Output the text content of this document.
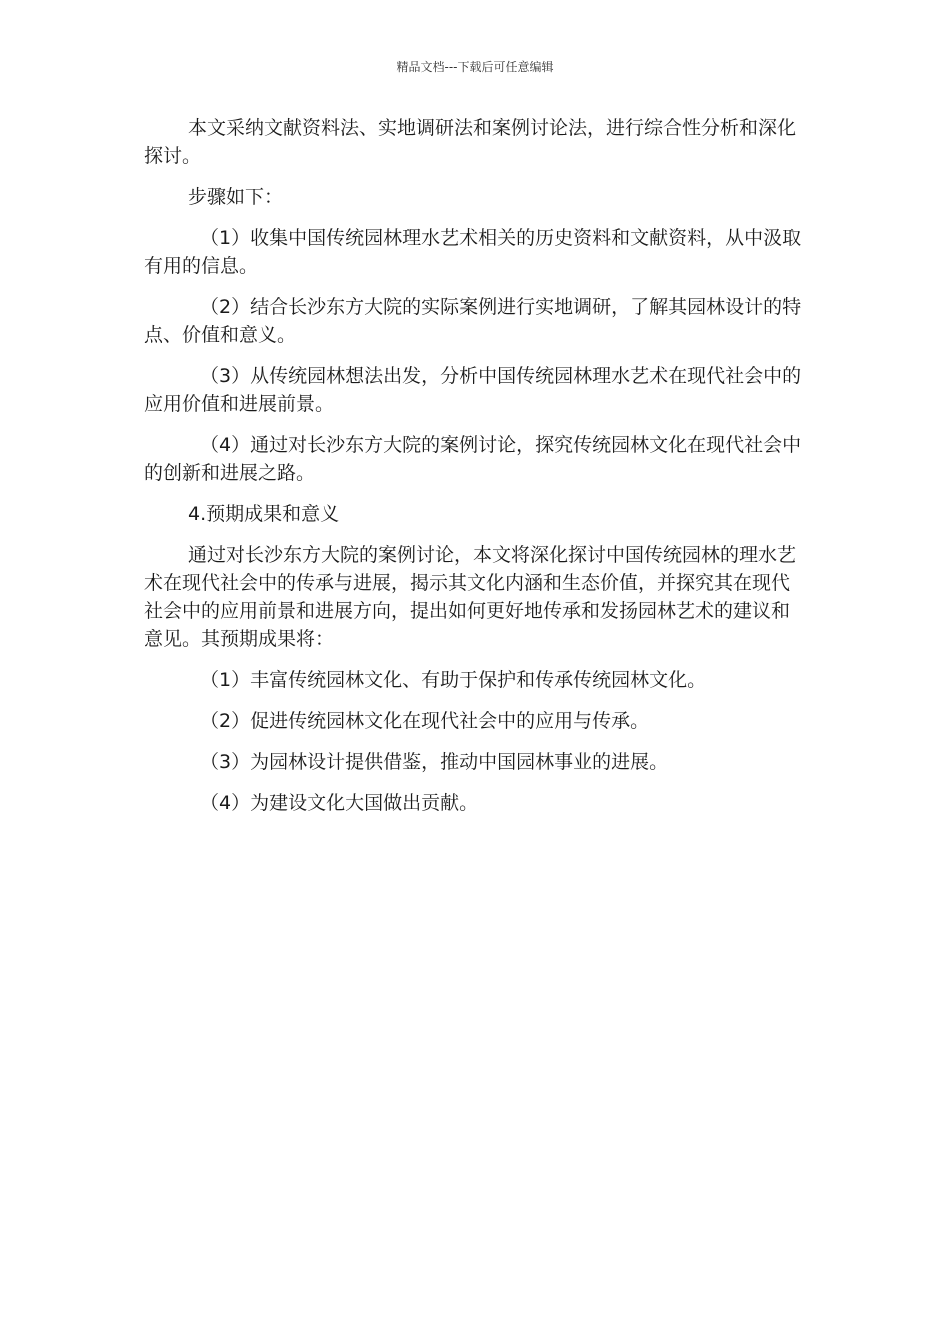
精品文档---下载后可任意编辑

本文采纳文献资料法、实地调研法和案例讨论法，进行综合性分析和深化探讨。

步骤如下：

（1）收集中国传统园林理水艺术相关的历史资料和文献资料，从中汲取有用的信息。

（2）结合长沙东方大院的实际案例进行实地调研，了解其园林设计的特点、价值和意义。

（3）从传统园林想法出发，分析中国传统园林理水艺术在现代社会中的应用价值和进展前景。

（4）通过对长沙东方大院的案例讨论，探究传统园林文化在现代社会中的创新和进展之路。

4.预期成果和意义

通过对长沙东方大院的案例讨论，本文将深化探讨中国传统园林的理水艺术在现代社会中的传承与进展，揭示其文化内涵和生态价值，并探究其在现代社会中的应用前景和进展方向，提出如何更好地传承和发扬园林艺术的建议和意见。其预期成果将：

（1）丰富传统园林文化、有助于保护和传承传统园林文化。

（2）促进传统园林文化在现代社会中的应用与传承。

（3）为园林设计提供借鉴，推动中国园林事业的进展。

（4）为建设文化大国做出贡献。
